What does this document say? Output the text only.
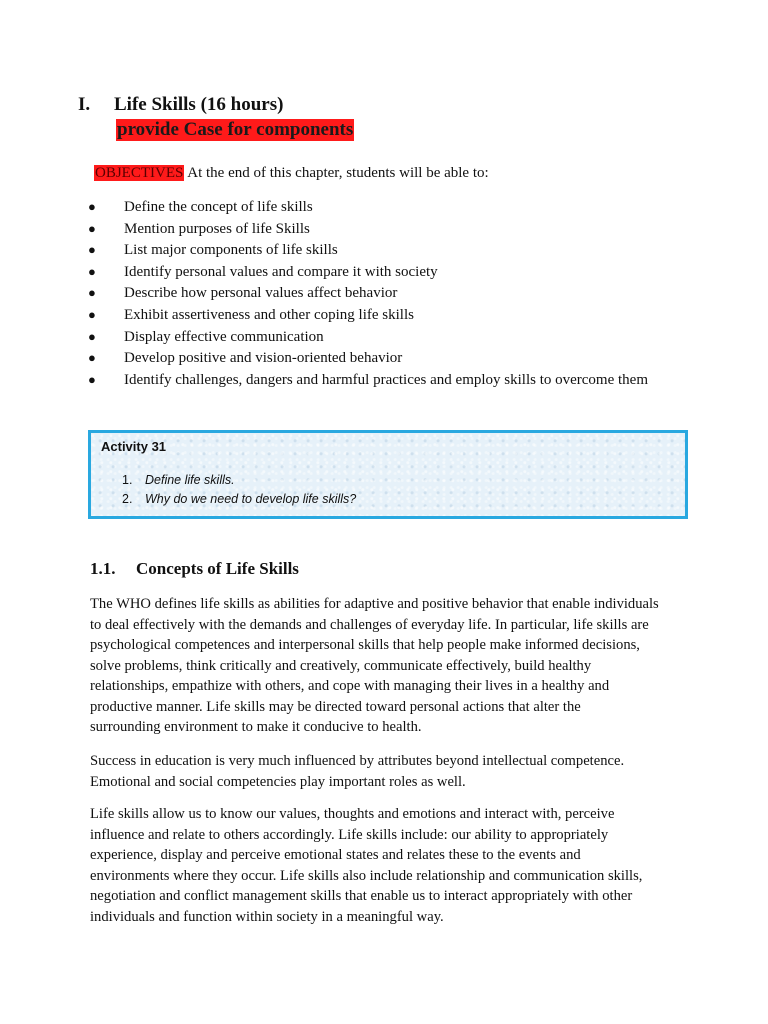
I. Life Skills (16 hours)
provide Case for components
OBJECTIVES At the end of this chapter, students will be able to:
● Define the concept of life skills
● Mention purposes of life Skills
● List major components of life skills
● Identify personal values and compare it with society
● Describe how personal values affect behavior
● Exhibit assertiveness and other coping life skills
● Display effective communication
● Develop positive and vision-oriented behavior
● Identify challenges, dangers and harmful practices and employ skills to overcome them
Activity 31
1. Define life skills.
2. Why do we need to develop life skills?
1.1. Concepts of Life Skills
The WHO defines life skills as abilities for adaptive and positive behavior that enable individuals
to deal effectively with the demands and challenges of everyday life. In particular, life skills are
psychological competences and interpersonal skills that help people make informed decisions,
solve problems, think critically and creatively, communicate effectively, build healthy
relationships, empathize with others, and cope with managing their lives in a healthy and
productive manner. Life skills may be directed toward personal actions that alter the
surrounding environment to make it conducive to health.
Success in education is very much influenced by attributes beyond intellectual competence.
Emotional and social competencies play important roles as well.
Life skills allow us to know our values, thoughts and emotions and interact with, perceive
influence and relate to others accordingly. Life skills include: our ability to appropriately
experience, display and perceive emotional states and relates these to the events and
environments where they occur. Life skills also include relationship and communication skills,
negotiation and conflict management skills that enable us to interact appropriately with other
individuals and function within society in a meaningful way.
